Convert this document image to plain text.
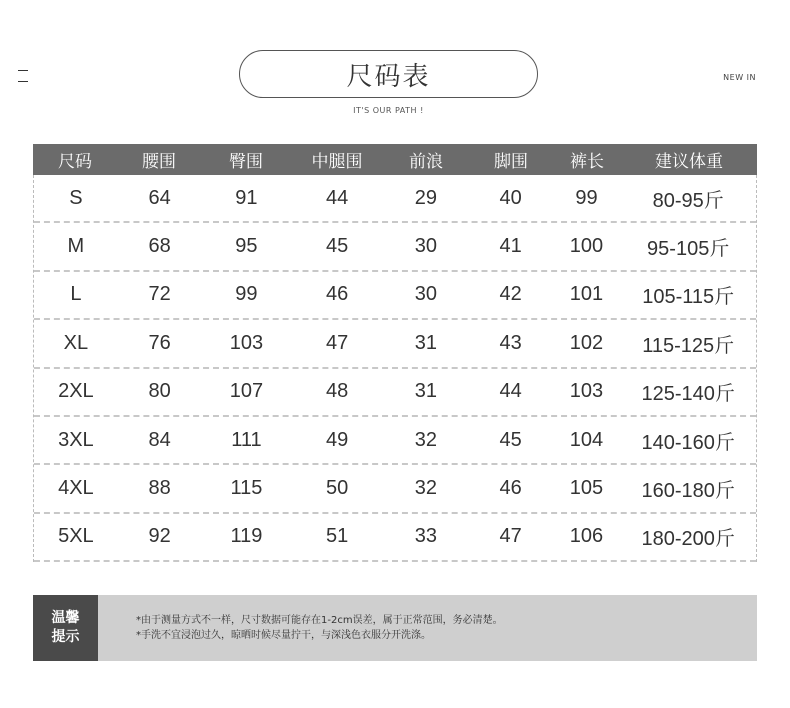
尺码表
IT'S OUR PATH !
NEW IN
尺码	腰围	臀围	中腿围	前浪	脚围	裤长	建议体重
S	64	91	44	29	40	99	80-95斤
M	68	95	45	30	41	100	95-105斤
L	72	99	46	30	42	101	105-115斤
XL	76	103	47	31	43	102	115-125斤
2XL	80	107	48	31	44	103	125-140斤
3XL	84	111	49	32	45	104	140-160斤
4XL	88	115	50	32	46	105	160-180斤
5XL	92	119	51	33	47	106	180-200斤
温馨
提示
*由于测量方式不一样，尺寸数据可能存在1-2cm误差，属于正常范围，务必清楚。
*手洗不宜浸泡过久，晾晒时候尽量拧干，与深浅色衣服分开洗涤。
